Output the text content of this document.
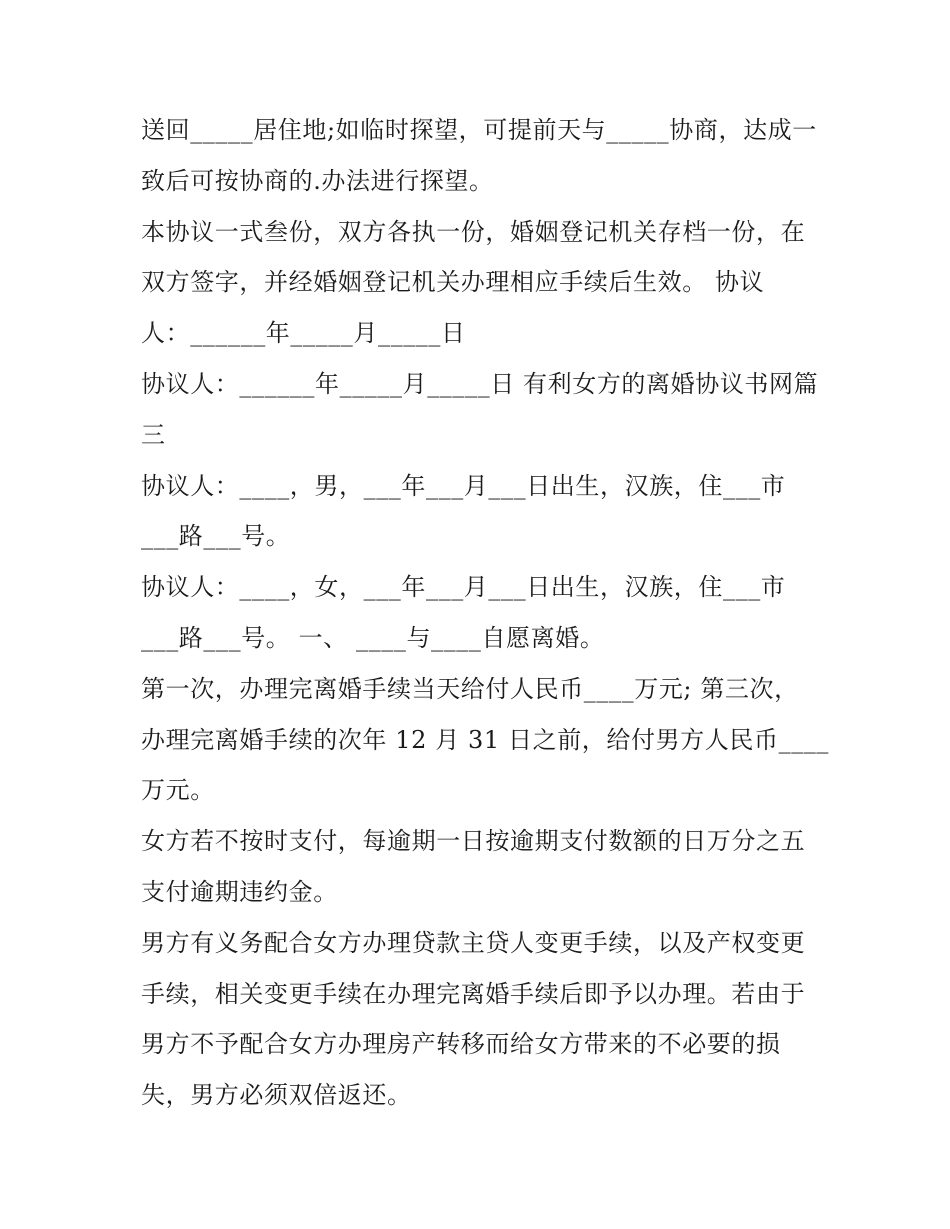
送回_____居住地;如临时探望，可提前天与_____协商，达成一
致后可按协商的.办法进行探望。
本协议一式叁份，双方各执一份，婚姻登记机关存档一份，在
双方签字，并经婚姻登记机关办理相应手续后生效。 协议
人：______年_____月_____日
协议人：______年_____月_____日 有利女方的离婚协议书网篇
三
协议人：____，男，___年___月___日出生，汉族，住___市
___路___号。
协议人：____，女，___年___月___日出生，汉族，住___市
___路___号。 一、 ____与____自愿离婚。
第一次，办理完离婚手续当天给付人民币____万元; 第三次，
办理完离婚手续的次年 12 月 31 日之前，给付男方人民币____
万元。
女方若不按时支付，每逾期一日按逾期支付数额的日万分之五
支付逾期违约金。
男方有义务配合女方办理贷款主贷人变更手续，以及产权变更
手续，相关变更手续在办理完离婚手续后即予以办理。若由于
男方不予配合女方办理房产转移而给女方带来的不必要的损
失，男方必须双倍返还。
